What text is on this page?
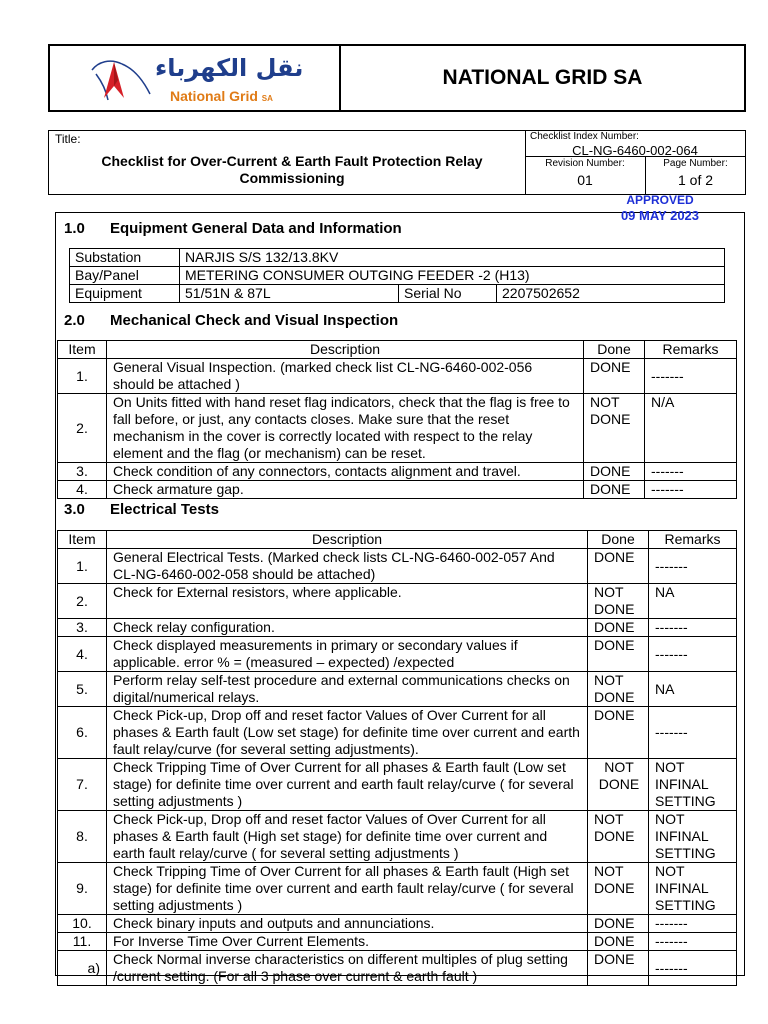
نقل الكهرباء
National Grid SA
NATIONAL GRID SA
Title:
Checklist for Over-Current & Earth Fault Protection Relay Commissioning
Checklist Index Number:
CL-NG-6460-002-064
Revision Number:
01
Page Number:
1 of 2
APPROVED
09 MAY 2023
1.0 Equipment General Data and Information
Substation	NARJIS S/S 132/13.8KV		
Bay/Panel	METERING CONSUMER OUTGING FEEDER -2 (H13)		
Equipment	51/51N & 87L	Serial No	2207502652
2.0 Mechanical Check and Visual Inspection
Item	Description	Done	Remarks
1.	General Visual Inspection. (marked check list CL-NG-6460-002-056 should be attached )	DONE	-------
2.	On Units fitted with hand reset flag indicators, check that the flag is free to fall before, or just, any contacts closes. Make sure that the reset mechanism in the cover is correctly located with respect to the relay element and the flag (or mechanism) can be reset.	NOT DONE	N/A
3.	Check condition of any connectors, contacts alignment and travel.	DONE	-------
4.	Check armature gap.	DONE	-------
3.0 Electrical Tests
Item	Description	Done	Remarks
1.	General Electrical Tests. (Marked check lists CL-NG-6460-002-057 And CL-NG-6460-002-058 should be attached)	DONE	-------
2.	Check for External resistors, where applicable.	NOT DONE	NA
3.	Check relay configuration.	DONE	-------
4.	Check displayed measurements in primary or secondary values if applicable. error % = (measured – expected) /expected	DONE	-------
5.	Perform relay self-test procedure and external communications checks on digital/numerical relays.	NOT DONE	NA
6.	Check Pick-up, Drop off and reset factor Values of Over Current for all phases & Earth fault (Low set stage) for definite time over current and earth fault relay/curve (for several setting adjustments).	DONE	-------
7.	Check Tripping Time of Over Current for all phases & Earth fault (Low set stage) for definite time over current and earth fault relay/curve ( for several setting adjustments )	NOT DONE	NOT INFINAL SETTING
8.	Check Pick-up, Drop off and reset factor Values of Over Current for all phases & Earth fault (High set stage) for definite time over current and earth fault relay/curve ( for several setting adjustments )	NOT DONE	NOT INFINAL SETTING
9.	Check Tripping Time of Over Current for all phases & Earth fault (High set stage) for definite time over current and earth fault relay/curve ( for several setting adjustments )	NOT DONE	NOT INFINAL SETTING
10.	Check binary inputs and outputs and annunciations.	DONE	-------
11.	For Inverse Time Over Current Elements.	DONE	-------
a)	Check Normal inverse characteristics on different multiples of plug setting /current setting. (For all 3 phase over current & earth fault )	DONE	-------
